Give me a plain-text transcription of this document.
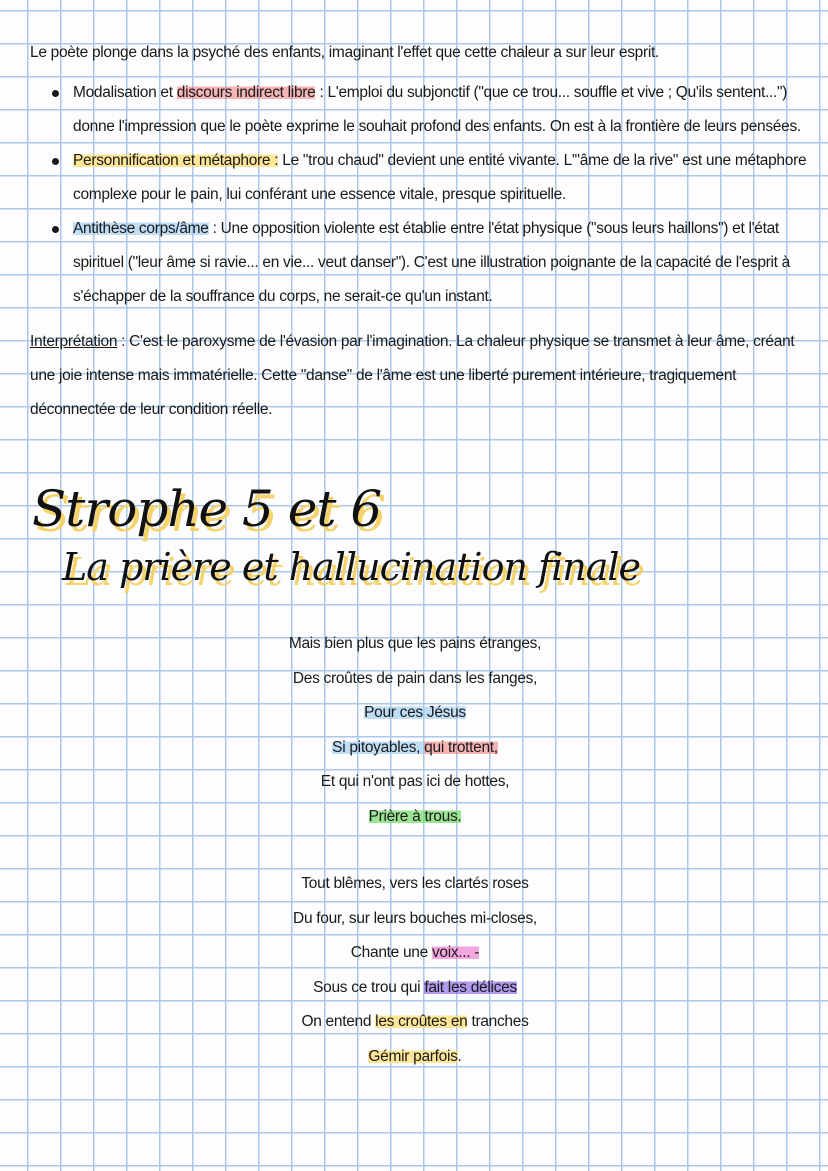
Le poète plonge dans la psyché des enfants, imaginant l'effet que cette chaleur a sur leur esprit.
Modalisation et discours indirect libre : L'emploi du subjonctif ("que ce trou... souffle et vive ; Qu'ils sentent...") donne l'impression que le poète exprime le souhait profond des enfants. On est à la frontière de leurs pensées.
Personnification et métaphore : Le "trou chaud" devient une entité vivante. L'"âme de la rive" est une métaphore complexe pour le pain, lui conférant une essence vitale, presque spirituelle.
Antithèse corps/âme : Une opposition violente est établie entre l'état physique ("sous leurs haillons") et l'état spirituel ("leur âme si ravie... en vie... veut danser"). C'est une illustration poignante de la capacité de l'esprit à s'échapper de la souffrance du corps, ne serait-ce qu'un instant.
Interprétation : C'est le paroxysme de l'évasion par l'imagination. La chaleur physique se transmet à leur âme, créant une joie intense mais immatérielle. Cette "danse" de l'âme est une liberté purement intérieure, tragiquement déconnectée de leur condition réelle.
Strophe 5 et 6
La prière et hallucination finale
Mais bien plus que les pains étranges,
Des croûtes de pain dans les fanges,
Pour ces Jésus
Si pitoyables, qui trottent,
Et qui n'ont pas ici de hottes,
Prière à trous.
Tout blêmes, vers les clartés roses
Du four, sur leurs bouches mi-closes,
Chante une voix... -
Sous ce trou qui fait les délices
On entend les croûtes en tranches
Gémir parfois.
